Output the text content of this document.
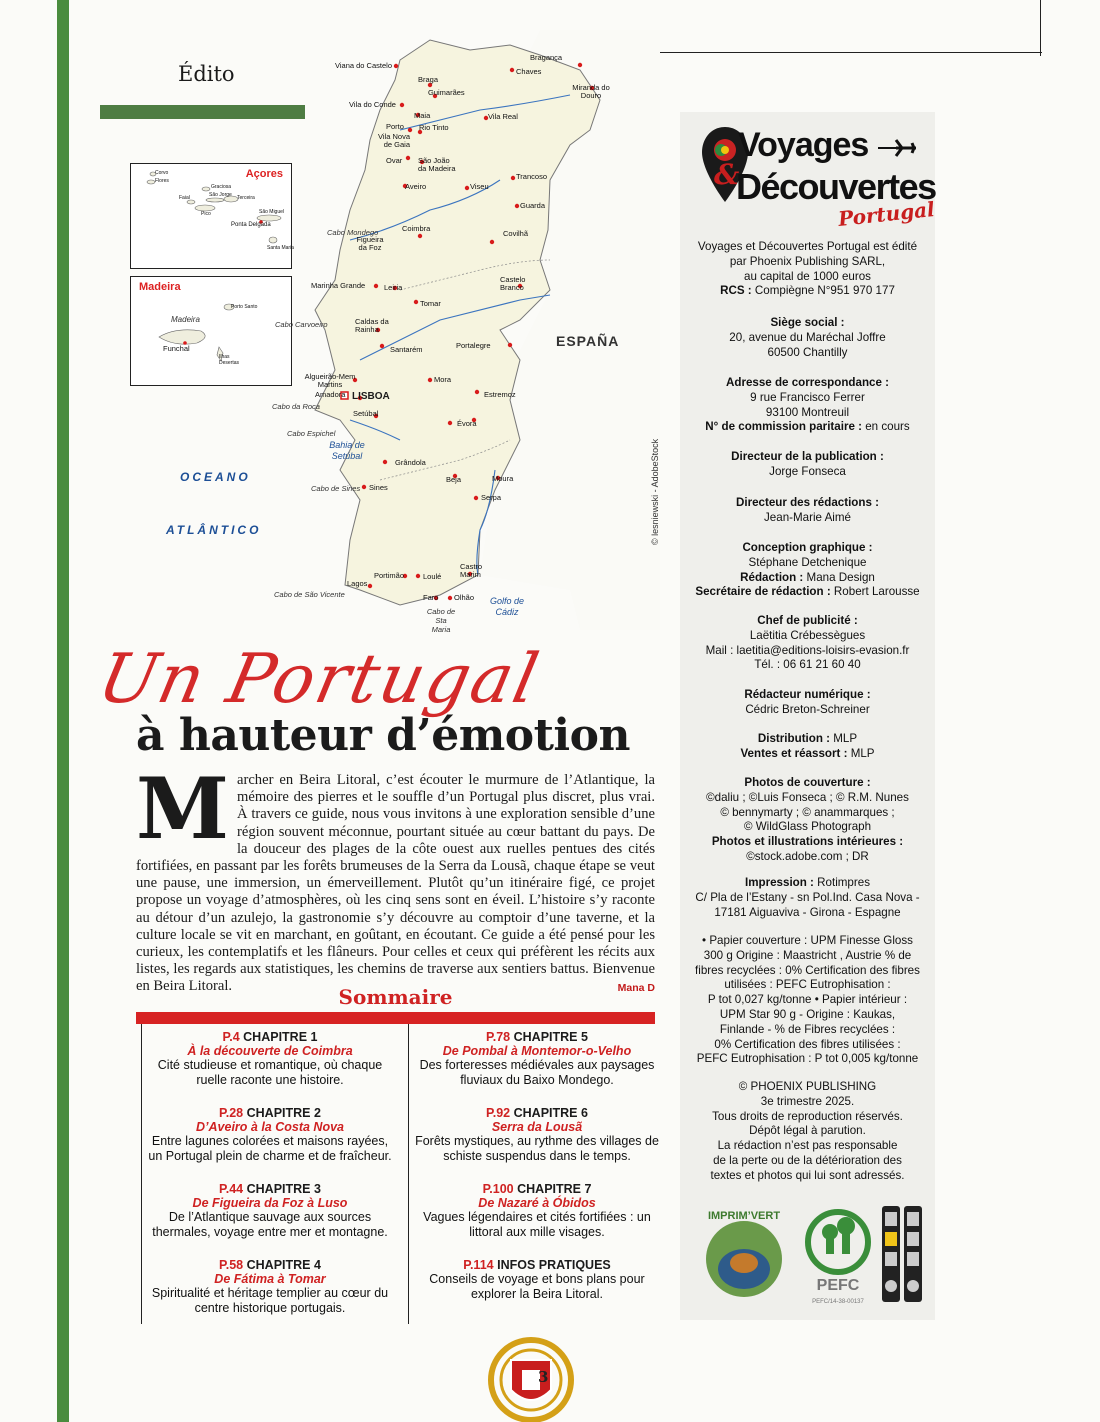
Édito
Açores
Corvo
Flores
Graciosa
Faial	São Jorge Terceira
Pico	São Miguel
Ponta Delgada
Santa Maria
Madeira
Madeira
Porto Santo
Funchal
Ilhas Desertas
Bragança
Chaves
Viana do Castelo
Braga
Guimarães
Miranda do Douro
Vila do Conde
Maia	Vila Real
Porto Rio Tinto
Vila Nova de Gaia
Ovar São João da Madeira
Aveiro	Viseu
Trancoso
Guarda
Coimbra
Covilhã
Figueira da Foz
Marinha Grande	Leiria
Castelo Branco
Tomar
Caldas da Rainha
Santarém	Portalegre
Algueirão-Mem Martins
Mora
Amadora LISBOA	Estremoz
Setúbal
Évora
Grândola
Beja	Moura
Sines
Serpa
Castro Marim
Portimão	Loulé
Lagos
Faro Olhão
Cabo Mondego
Cabo Carvoeiro
Cabo da Roca
Cabo Espichel
Cabo de Sines
Cabo de São Vicente
Cabo de Sta Maria
Bahia de Setúbal
Golfo de Cádiz
OCEANO
ATLÂNTICO
ESPAÑA
© lesniewski - AdobeStock
Un Portugal
à hauteur d’émotion
Marcher en Beira Litoral, c’est écouter le murmure de l’Atlantique, la mémoire des pierres et le souffle d’un Portugal plus discret, plus vrai. À travers ce guide, nous vous invitons à une exploration sensible d’une région souvent méconnue, pourtant située au cœur battant du pays. De la douceur des plages de la côte ouest aux ruelles pentues des cités fortifiées, en passant par les forêts brumeuses de la Serra da Lousã, chaque étape se veut une pause, une immersion, un émerveillement. Plutôt qu’un itinéraire figé, ce projet propose un voyage d’atmosphères, où les cinq sens sont en éveil. L’histoire s’y raconte au détour d’un azulejo, la gastronomie s’y découvre au comptoir d’une taverne, et la culture locale se vit en marchant, en goûtant, en écoutant. Ce guide a été pensé pour les curieux, les contemplatifs et les flâneurs. Pour celles et ceux qui préfèrent les récits aux listes, les regards aux statistiques, les chemins de traverse aux sentiers battus. Bienvenue en Beira Litoral.	Mana D
Sommaire
P.4 CHAPITRE 1
À la découverte de Coimbra
Cité studieuse et romantique, où chaque ruelle raconte une histoire.
P.28 CHAPITRE 2
D’Aveiro à la Costa Nova
Entre lagunes colorées et maisons rayées, un Portugal plein de charme et de fraîcheur.
P.44 CHAPITRE 3
De Figueira da Foz à Luso
De l’Atlantique sauvage aux sources thermales, voyage entre mer et montagne.
P.58 CHAPITRE 4
De Fátima à Tomar
Spiritualité et héritage templier au cœur du centre historique portugais.
P.78 CHAPITRE 5
De Pombal à Montemor-o-Velho
Des forteresses médiévales aux paysages fluviaux du Baixo Mondego.
P.92 CHAPITRE 6
Serra da Lousã
Forêts mystiques, au rythme des villages de schiste suspendus dans le temps.
P.100 CHAPITRE 7
De Nazaré à Óbidos
Vagues légendaires et cités fortifiées : un littoral aux mille visages.
P.114 INFOS PRATIQUES
Conseils de voyage et bons plans pour explorer la Beira Litoral.
Voyages
&
Découvertes
Portugal
Voyages et Découvertes Portugal est édité
par Phoenix Publishing SARL,
au capital de 1000 euros
RCS : Compiègne N°951 970 177
Siège social :
20, avenue du Maréchal Joffre
60500 Chantilly
Adresse de correspondance :
9 rue Francisco Ferrer
93100 Montreuil
N° de commission paritaire : en cours
Directeur de la publication :
Jorge Fonseca
Directeur des rédactions :
Jean-Marie Aimé
Conception graphique :
Stéphane Detchenique
Rédaction : Mana Design
Secrétaire de rédaction : Robert Larousse
Chef de publicité :
Laëtitia Crébessègues
Mail : laetitia@editions-loisirs-evasion.fr
Tél. : 06 61 21 60 40
Rédacteur numérique :
Cédric Breton-Schreiner
Distribution : MLP
Ventes et réassort : MLP
Photos de couverture :
©daliu ; ©Luis Fonseca ; © R.M. Nunes
© bennymarty ; © anammarques ;
© WildGlass Photograph
Photos et illustrations intérieures :
©stock.adobe.com ; DR
Impression : Rotimpres
C/ Pla de l’Estany - sn Pol.Ind. Casa Nova -
17181 Aiguaviva - Girona - Espagne
• Papier couverture : UPM Finesse Gloss
300 g Origine : Maastricht , Austrie % de
fibres recyclées : 0% Certification des fibres
utilisées : PEFC Eutrophisation :
P tot 0,027 kg/tonne • Papier intérieur :
UPM Star 90 g - Origine : Kaukas,
Finlande - % de Fibres recyclées :
0% Certification des fibres utilisées :
PEFC Eutrophisation : P tot 0,005 kg/tonne
© PHOENIX PUBLISHING
3e trimestre 2025.
Tous droits de reproduction réservés.
Dépôt légal à parution.
La rédaction n’est pas responsable
de la perte ou de la détérioration des
textes et photos qui lui sont adressés.
IMPRIM’VERT
PEFC
PEFC/14-38-00137
3
